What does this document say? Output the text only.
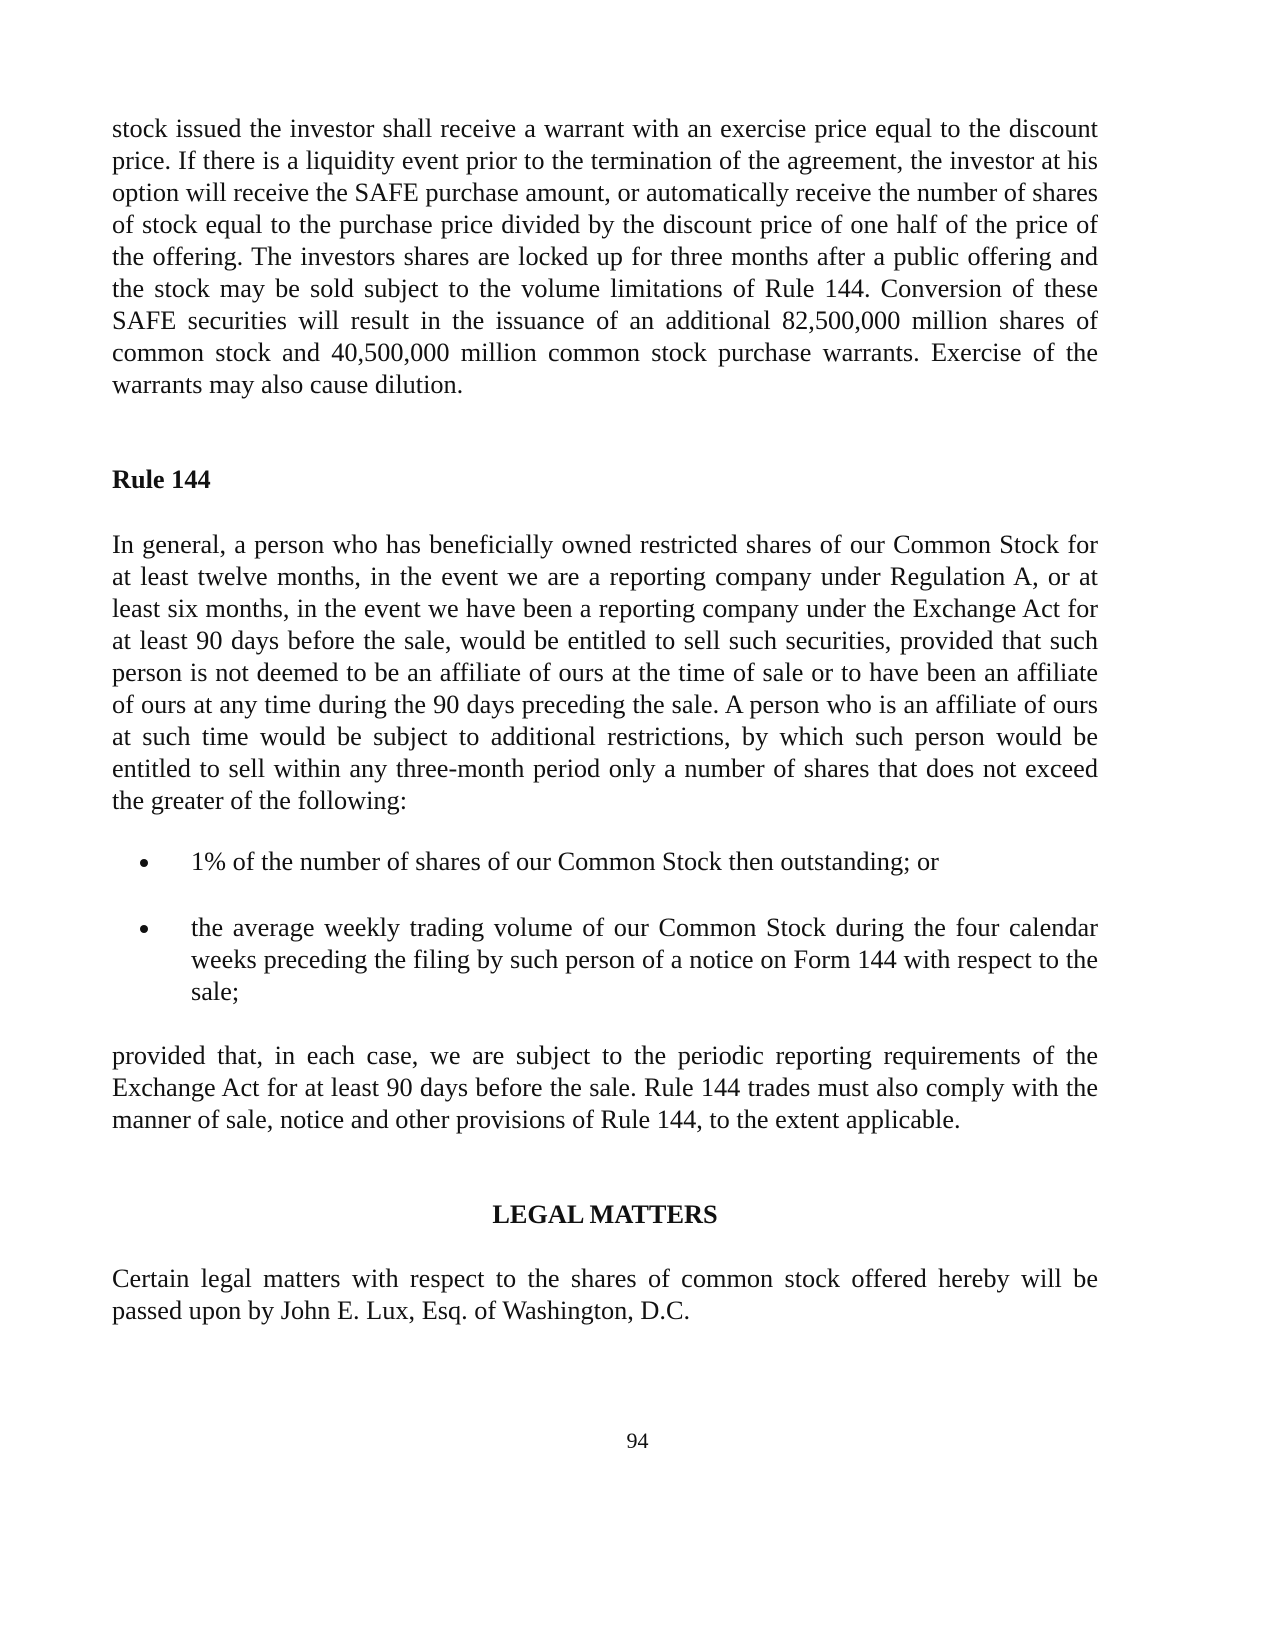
stock issued the investor shall receive a warrant with an exercise price equal to the discount price. If there is a liquidity event prior to the termination of the agreement, the investor at his option will receive the SAFE purchase amount, or automatically receive the number of shares of stock equal to the purchase price divided by the discount price of one half of the price of the offering. The investors shares are locked up for three months after a public offering and the stock may be sold subject to the volume limitations of Rule 144. Conversion of these SAFE securities will result in the issuance of an additional 82,500,000 million shares of common stock and 40,500,000 million common stock purchase warrants. Exercise of the warrants may also cause dilution.
Rule 144
In general, a person who has beneficially owned restricted shares of our Common Stock for at least twelve months, in the event we are a reporting company under Regulation A, or at least six months, in the event we have been a reporting company under the Exchange Act for at least 90 days before the sale, would be entitled to sell such securities, provided that such person is not deemed to be an affiliate of ours at the time of sale or to have been an affiliate of ours at any time during the 90 days preceding the sale. A person who is an affiliate of ours at such time would be subject to additional restrictions, by which such person would be entitled to sell within any three-month period only a number of shares that does not exceed the greater of the following:
1% of the number of shares of our Common Stock then outstanding; or
the average weekly trading volume of our Common Stock during the four calendar weeks preceding the filing by such person of a notice on Form 144 with respect to the sale;
provided that, in each case, we are subject to the periodic reporting requirements of the Exchange Act for at least 90 days before the sale. Rule 144 trades must also comply with the manner of sale, notice and other provisions of Rule 144, to the extent applicable.
LEGAL MATTERS
Certain legal matters with respect to the shares of common stock offered hereby will be passed upon by John E. Lux, Esq. of Washington, D.C.
94
